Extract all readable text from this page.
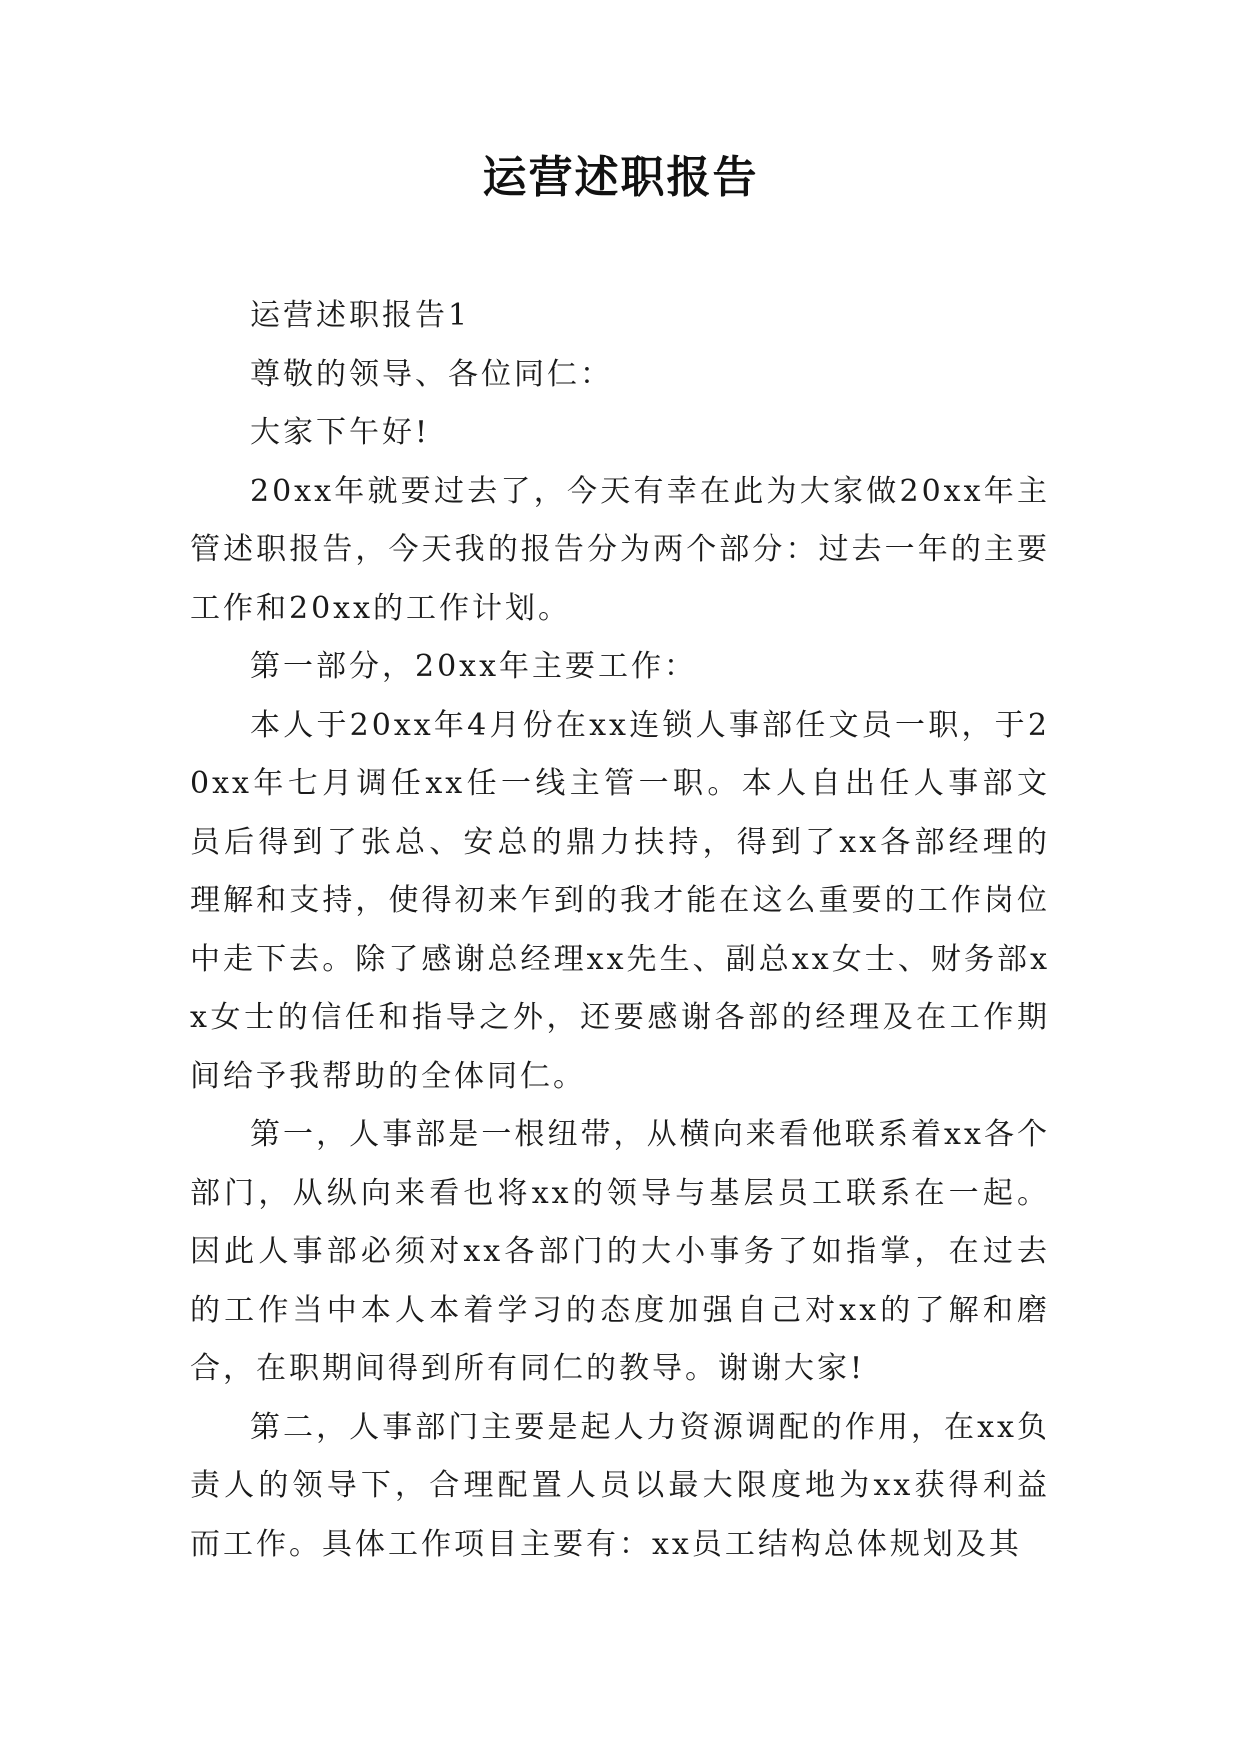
运营述职报告

运营述职报告1

尊敬的领导、各位同仁：

大家下午好!

20xx年就要过去了，今天有幸在此为大家做20xx年主管述职报告，今天我的报告分为两个部分：过去一年的主要工作和20xx的工作计划。

第一部分，20xx年主要工作：

本人于20xx年4月份在xx连锁人事部任文员一职，于20xx年七月调任xx任一线主管一职。本人自出任人事部文员后得到了张总、安总的鼎力扶持，得到了xx各部经理的理解和支持，使得初来乍到的我才能在这么重要的工作岗位中走下去。除了感谢总经理xx先生、副总xx女士、财务部xx女士的信任和指导之外，还要感谢各部的经理及在工作期间给予我帮助的全体同仁。

第一，人事部是一根纽带，从横向来看他联系着xx各个部门，从纵向来看也将xx的领导与基层员工联系在一起。因此人事部必须对xx各部门的大小事务了如指掌，在过去的工作当中本人本着学习的态度加强自己对xx的了解和磨合，在职期间得到所有同仁的教导。谢谢大家!

第二，人事部门主要是起人力资源调配的作用，在xx负责人的领导下，合理配置人员以最大限度地为xx获得利益而工作。具体工作项目主要有：xx员工结构总体规划及其
